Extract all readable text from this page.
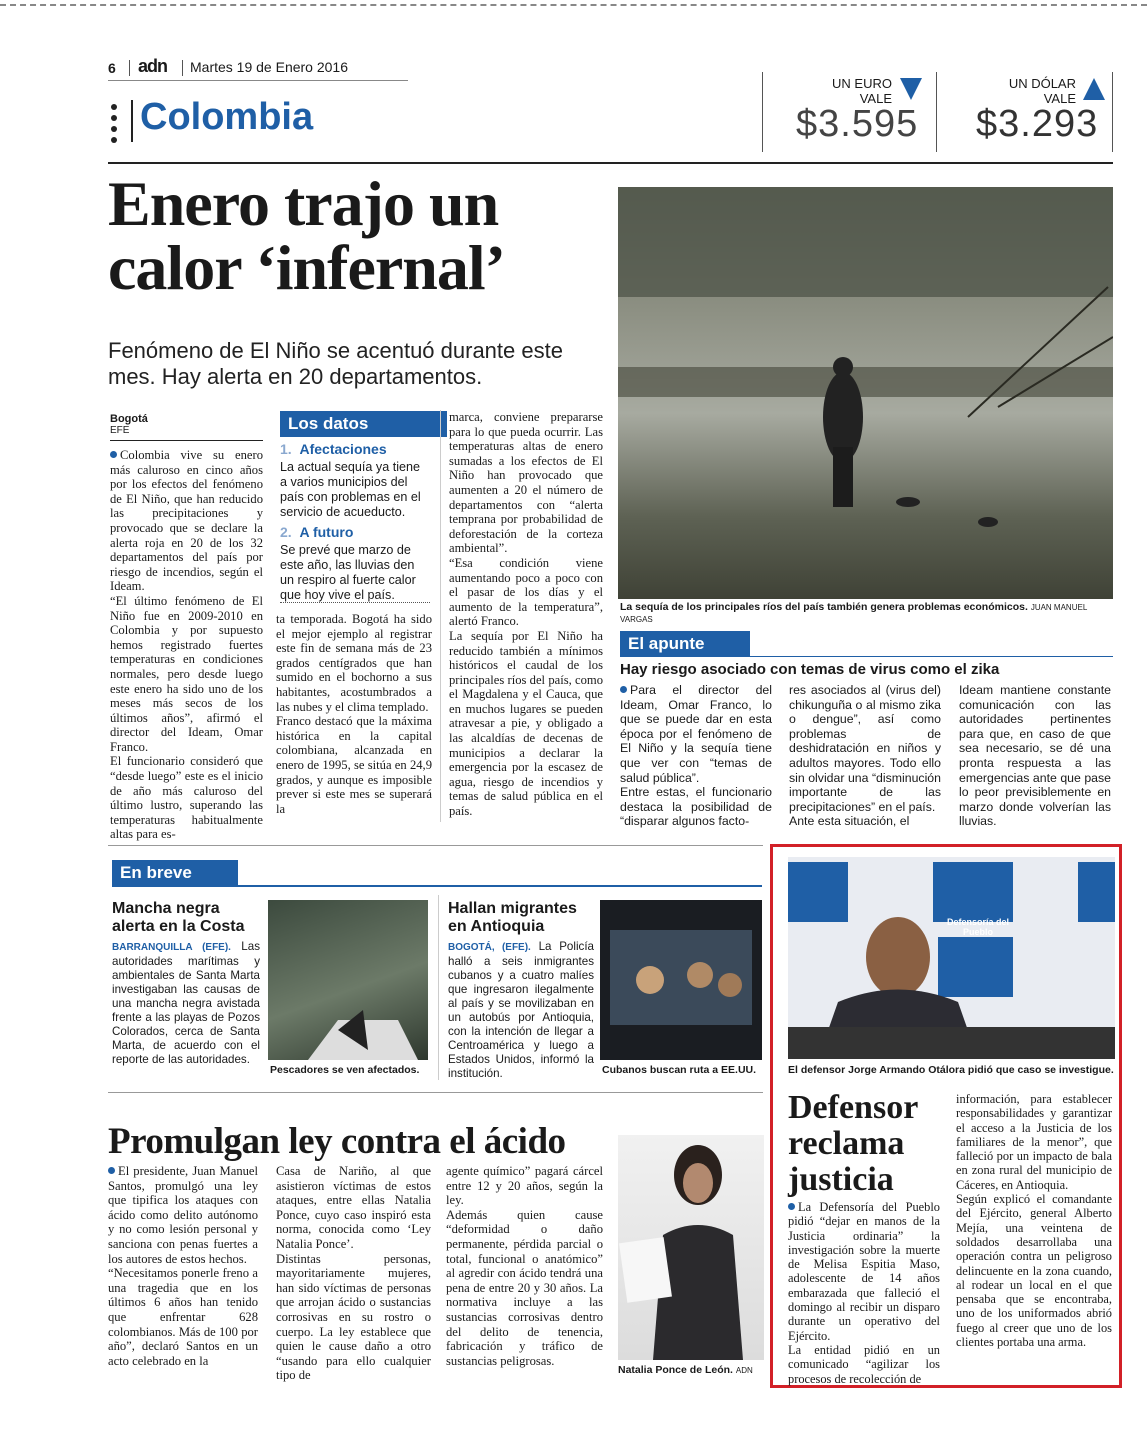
6 adn Martes 19 de Enero 2016
Colombia
UN EURO
VALE
$3.595
UN DÓLAR
VALE
$3.293
Enero trajo un calor ‘infernal’
Fenómeno de El Niño se acentuó durante este mes. Hay alerta en 20 departamentos.
La sequía de los principales ríos del país también genera problemas económicos. JUAN MANUEL VARGAS
Bogotá
EFE
Colombia vive su enero más caluroso en cinco años por los efectos del fenómeno de El Niño, que han reducido las precipitaciones y provocado que se declare la alerta roja en 20 de los 32 departamentos del país por riesgo de incendios, según el Ideam.
“El último fenómeno de El Niño fue en 2009-2010 en Colombia y por supuesto hemos registrado fuertes temperaturas en condiciones normales, pero desde luego este enero ha sido uno de los meses más secos de los últimos años”, afirmó el director del Ideam, Omar Franco.
El funcionario consideró que “desde luego” este es el inicio de año más caluroso del último lustro, superando las temperaturas habitualmente altas para es-
Los datos
1. Afectaciones
La actual sequía ya tiene a varios municipios del país con problemas en el servicio de acueducto.
2. A futuro
Se prevé que marzo de este año, las lluvias den un respiro al fuerte calor que hoy vive el país.
ta temporada. Bogotá ha sido el mejor ejemplo al registrar este fin de semana más de 23 grados centígrados que han sumido en el bochorno a sus habitantes, acostumbrados a las nubes y el clima templado.
Franco destacó que la máxima histórica en la capital colombiana, alcanzada en enero de 1995, se sitúa en 24,9 grados, y aunque es imposible prever si este mes se superará la
marca, conviene prepararse para lo que pueda ocurrir. Las temperaturas altas de enero sumadas a los efectos de El Niño han provocado que aumenten a 20 el número de departamentos con “alerta temprana por probabilidad de deforestación de la corteza ambiental”.
“Esa condición viene aumentando poco a poco con el pasar de los días y el aumento de la temperatura”, alertó Franco.
La sequía por El Niño ha reducido también a mínimos históricos el caudal de los principales ríos del país, como el Magdalena y el Cauca, que en muchos lugares se pueden atravesar a pie, y obligado a las alcaldías de decenas de municipios a declarar la emergencia por la escasez de agua, riesgo de incendios y temas de salud pública en el país.
El apunte
Hay riesgo asociado con temas de virus como el zika
Para el director del Ideam, Omar Franco, lo que se puede dar en esta época por el fenómeno de El Niño y la sequía tiene que ver con “temas de salud pública”.
Entre estas, el funcionario destaca la posibilidad de “disparar algunos facto-
res asociados al (virus del) chikunguña o al mismo zika o dengue”, así como problemas de deshidratación en niños y adultos mayores. Todo ello sin olvidar una “disminución importante de las precipitaciones” en el país.
Ante esta situación, el
Ideam mantiene constante comunicación con las autoridades pertinentes para que, en caso de que sea necesario, se dé una pronta respuesta a las emergencias ante que pase lo peor previsiblemente en marzo donde volverían las lluvias.
En breve
Mancha negra
alerta en la Costa
BARRANQUILLA (EFE). Las autoridades marítimas y ambientales de Santa Marta investigaban las causas de una mancha negra avistada frente a las playas de Pozos Colorados, cerca de Santa Marta, de acuerdo con el reporte de las autoridades.
Pescadores se ven afectados.
Hallan migrantes
en Antioquia
BOGOTÁ, (EFE). La Policía halló a seis inmigrantes cubanos y a cuatro malíes que ingresaron ilegalmente al país y se movilizaban en un autobús por Antioquia, con la intención de llegar a Centroamérica y luego a Estados Unidos, informó la institución.	Cubanos buscan ruta a EE.UU.
Promulgan ley contra el ácido
El presidente, Juan Manuel Santos, promulgó una ley que tipifica los ataques con ácido como delito autónomo y no como lesión personal y sanciona con penas fuertes a los autores de estos hechos.
“Necesitamos ponerle freno a una tragedia que en los últimos 6 años han tenido que enfrentar 628 colombianos. Más de 100 por año”, declaró Santos en un acto celebrado en la
Casa de Nariño, al que asistieron víctimas de estos ataques, entre ellas Natalia Ponce, cuyo caso inspiró esta norma, conocida como ‘Ley Natalia Ponce’.
Distintas personas, mayoritariamente mujeres, han sido víctimas de personas que arrojan ácido o sustancias corrosivas en su rostro o cuerpo. La ley establece que quien le cause daño a otro “usando para ello cualquier tipo de
agente químico” pagará cárcel entre 12 y 20 años, según la ley.
Además quien cause “deformidad o daño permanente, pérdida parcial o total, funcional o anatómico” al agredir con ácido tendrá una pena de entre 20 y 30 años. La normativa incluye a las sustancias corrosivas dentro del delito de tenencia, fabricación y tráfico de sustancias peligrosas.
Natalia Ponce de León. ADN
Defensoría del Pueblo
El defensor Jorge Armando Otálora pidió que caso se investigue.
Defensor
reclama
justicia
La Defensoría del Pueblo pidió “dejar en manos de la Justicia ordinaria” la investigación sobre la muerte de Melisa Espitia Maso, adolescente de 14 años embarazada que falleció el domingo al recibir un disparo durante un operativo del Ejército.
La entidad pidió en un comunicado “agilizar los procesos de recolección de
información, para establecer responsabilidades y garantizar el acceso a la Justicia de los familiares de la menor”, que falleció por un impacto de bala en zona rural del municipio de Cáceres, en Antioquia.
Según explicó el comandante del Ejército, general Alberto Mejía, una veintena de soldados desarrollaba una operación contra un peligroso delincuente en la zona cuando, al rodear un local en el que pensaba que se encontraba, uno de los uniformados abrió fuego al creer que uno de los clientes portaba una arma.
